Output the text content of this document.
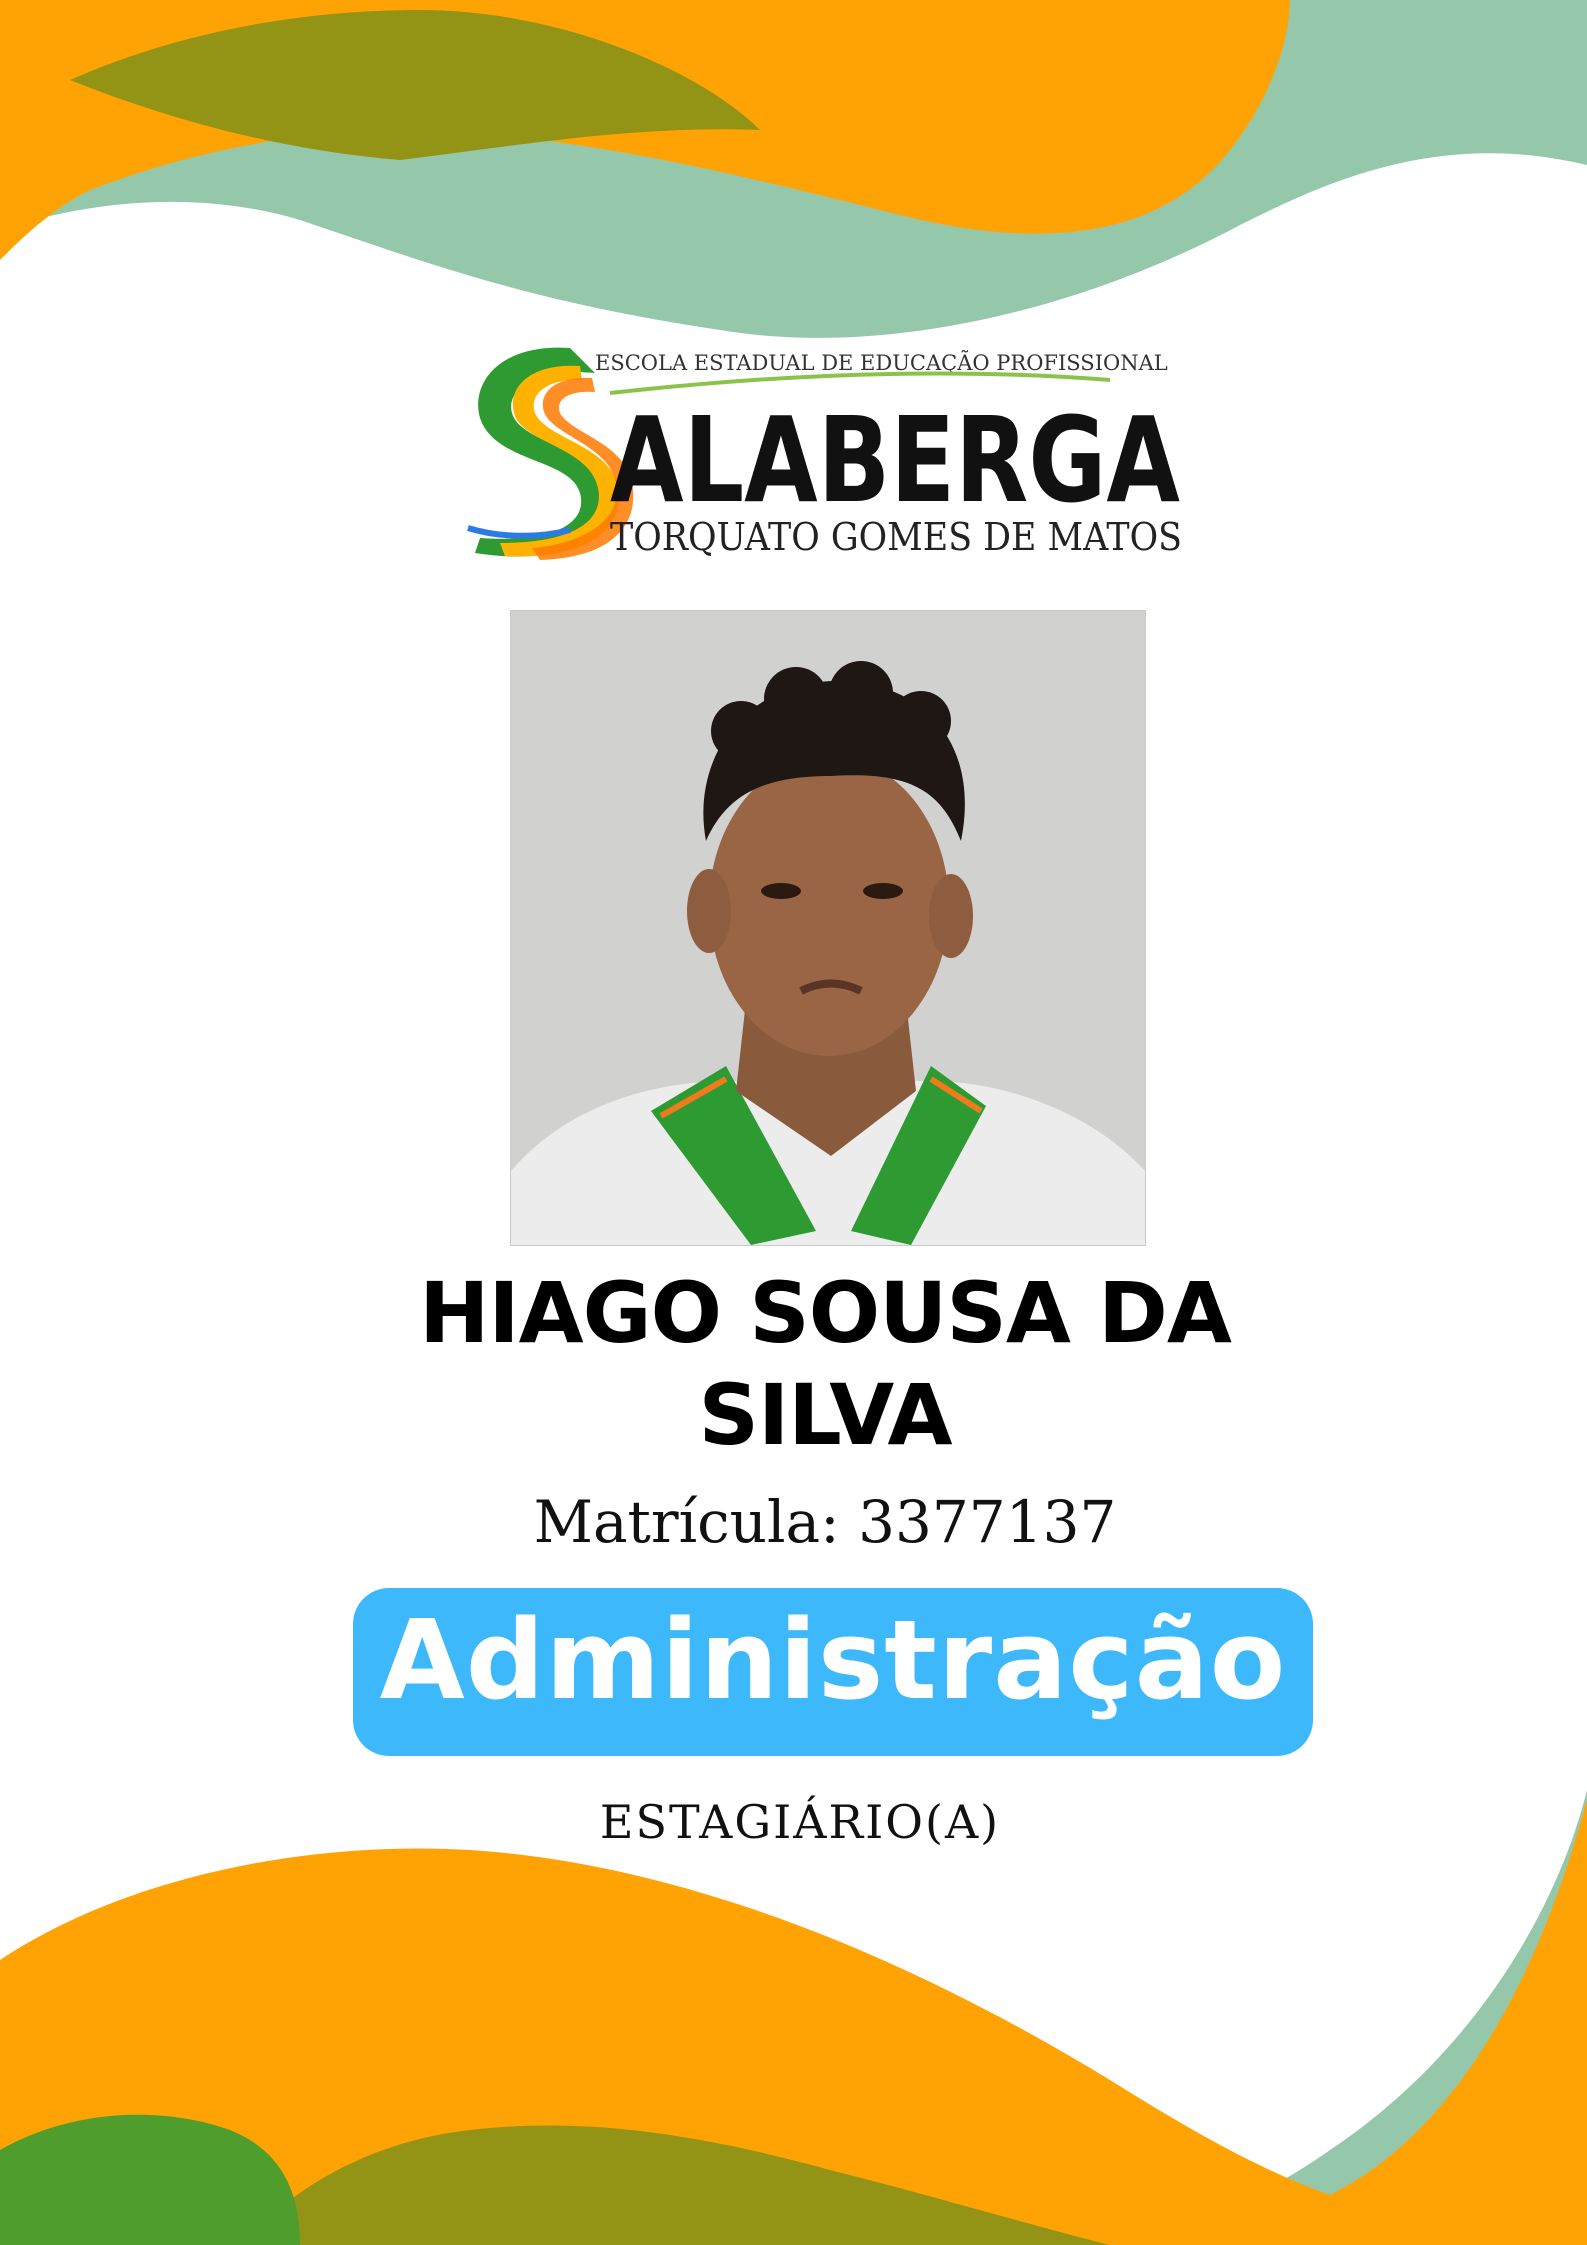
ESCOLA ESTADUAL DE EDUCAÇÃO PROFISSIONAL
ALABERGA
TORQUATO GOMES DE MATOS
HIAGO SOUSA DA
SILVA
Matrícula: 3377137
Administração
ESTAGIÁRIO(A)
